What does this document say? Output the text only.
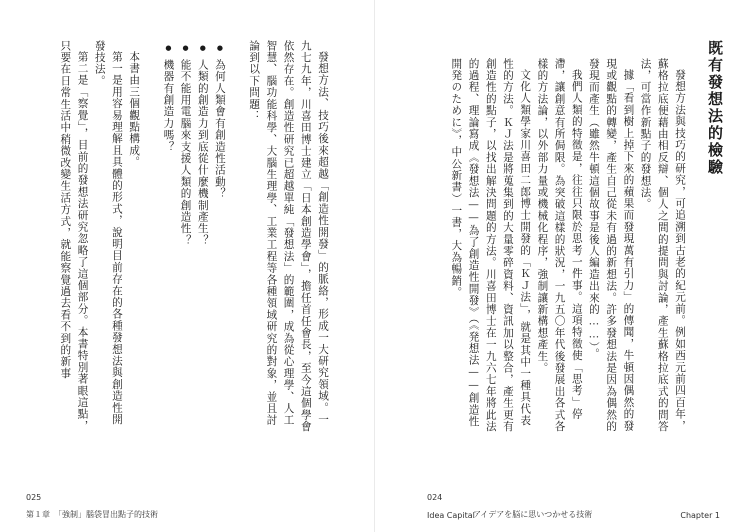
發想方法、技巧後來超越「創造性開發」的脈絡，形成一大研究領域。一九七九年，川喜田博士建立「日本創造學會」，擔任首任會長，至今這個學會依然存在。創造性研究已超越單純「發想法」的範圍，成為從心理學、人工智慧、腦功能科學、大腦生理學、工業工程等各種領域研究的對象，並且討論到以下問題：

● 為何人類會有創造性活動？
● 人類的創造力到底從什麼機制產生？
● 能不能用電腦來支援人類的創造性？
● 機器有創造力嗎？

本書由三個觀點構成。

第一是用容易理解且具體的形式，說明目前存在的各種發想法與創造性開發技法。

第二是「察覺」，目前的發想法研究忽略了這個部分。本書特別著眼這點，只要在日常生活中稍微改變生活方式，就能察覺過去看不到的新事

025
第１章　「強制」腦袋冒出點子的技術
既有發想法的檢驗

發想方法與技巧的研究，可追溯到古老的紀元前。例如西元前四百年，蘇格拉底便藉由相反辯、個人之間的提問與討論，產生蘇格拉底式的問答法，可當作新點子的發想法。

據「看到樹上掉下來的蘋果而發現萬有引力」的傳聞，牛頓因偶然的發現或觀點的轉變，產生自己從未有過的新想法。許多發想法是因為偶然的發現而產生（雖然牛頓這個故事是後人編造出來的……）。

我們人類的特徵是，往往只限於思考一件事。這項特徵使「思考」停滯，讓創意有所侷限。為突破這樣的狀況，一九五〇年代後發展出各式各樣的方法論，以外部力量或機械化程序，強制讓新構想產生。

文化人類學家川喜田二郎博士開發的「ＫＪ法」，就是其中一種具代表性的方法。ＫＪ法是將蒐集到的大量零碎資料、資訊加以整合，產生更有創造性的點子，以找出解決問題的方法。川喜田博士在一九六七年將此法的過程、理論寫成《發想法——為了創造性開發》（《発想法——創造性開発のために》，中公新書）一書，大為暢銷。

024
Idea Capital
アイデアを脳に思いつかせる技術	Chapter 1
